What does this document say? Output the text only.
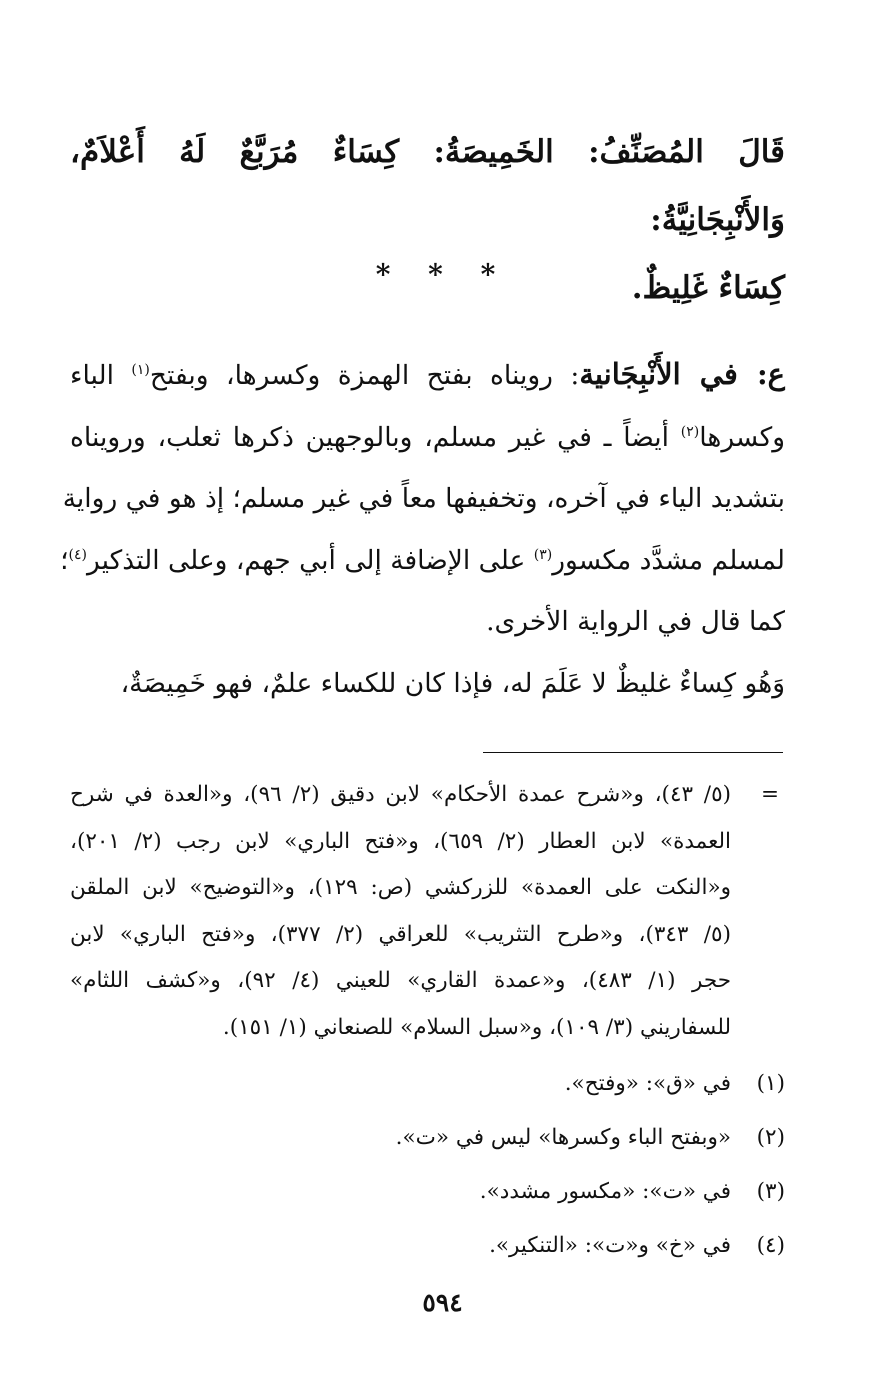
قَالَ المُصَنِّفُ: الخَمِيصَةُ: كِسَاءٌ مُرَبَّعٌ لَهُ أَعْلاَمٌ، وَالأَنْبِجَانِيَّةُ:
كِسَاءٌ غَلِيظٌ.
* * *
ع: في الأَنْبِجَانية: رويناه بفتح الهمزة وكسرها، وبفتح$^{(١)}$ الباء
وكسرها$^{(٢)}$ أيضاً ـ في غير مسلم، وبالوجهين ذكرها ثعلب، ورويناه
بتشديد الياء في آخره، وتخفيفها معاً في غير مسلم؛ إذ هو في رواية
لمسلم مشدَّد مكسور$^{(٣)}$ على الإضافة إلى أبي جهم، وعلى التذكير$^{(٤)}$؛
كما قال في الرواية الأخرى.
وَهُو كِساءٌ غليظٌ لا عَلَمَ له، فإذا كان للكساء علمٌ، فهو خَمِيصَةٌ،
=
(٥/ ٤٣)، و«شرح عمدة الأحكام» لابن دقيق (٢/ ٩٦)، و«العدة في شرح
العمدة» لابن العطار (٢/ ٦٥٩)، و«فتح الباري» لابن رجب (٢/ ٢٠١)،
و«النكت على العمدة» للزركشي (ص: ١٢٩)، و«التوضيح» لابن الملقن
(٥/ ٣٤٣)، و«طرح التثريب» للعراقي (٢/ ٣٧٧)، و«فتح الباري» لابن
حجر (١/ ٤٨٣)، و«عمدة القاري» للعيني (٤/ ٩٢)، و«كشف اللثام»
للسفاريني (٣/ ١٠٩)، و«سبل السلام» للصنعاني (١/ ١٥١).
(١)
في «ق»: «وفتح».
(٢)
«وبفتح الباء وكسرها» ليس في «ت».
(٣)
في «ت»: «مكسور مشدد».
(٤)
في «خ» و«ت»: «التنكير».
٥٩٤
